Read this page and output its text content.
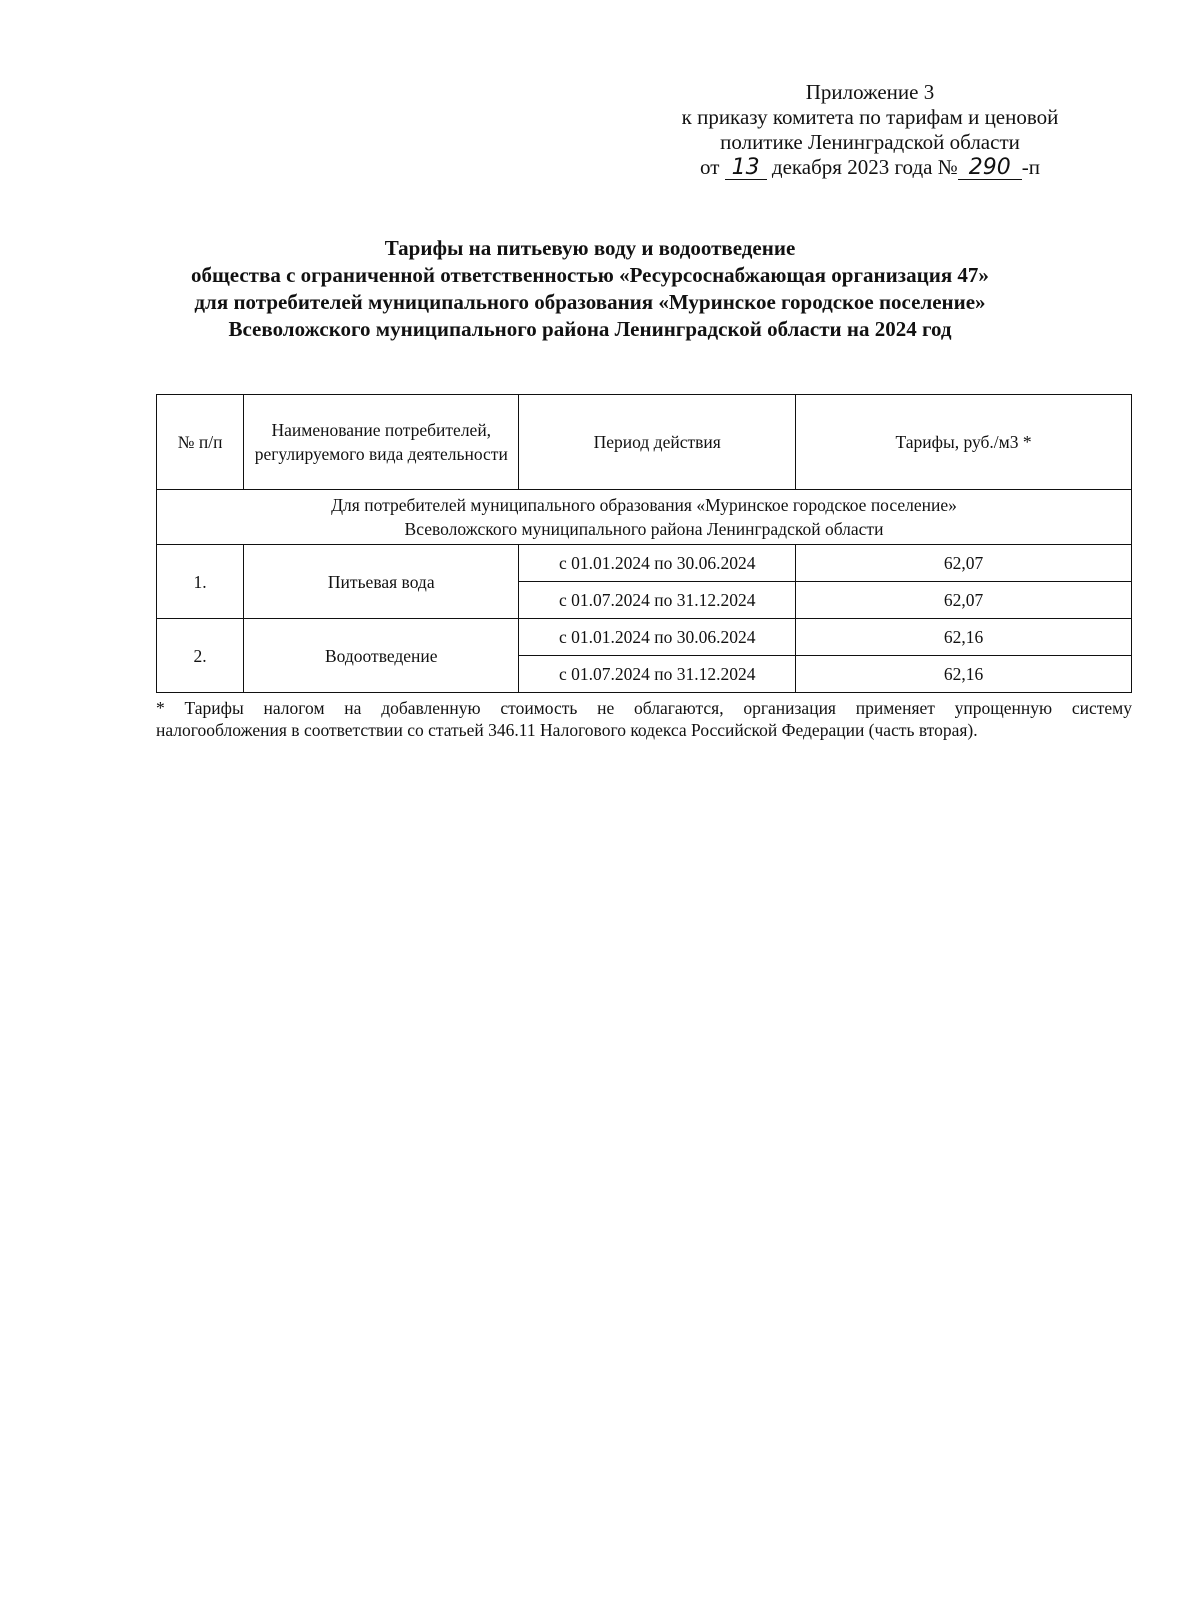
Приложение 3
к приказу комитета по тарифам и ценовой
политике Ленинградской области
от 13 декабря 2023 года № 290 -п
Тарифы на питьевую воду и водоотведение
общества с ограниченной ответственностью «Ресурсоснабжающая организация 47»
для потребителей муниципального образования «Муринское городское поселение»
Всеволожского муниципального района Ленинградской области на 2024 год
№ п/п	Наименование потребителей, регулируемого вида деятельности	Период действия	Тарифы, руб./м3 *
Для потребителей муниципального образования «Муринское городское поселение»
Всеволожского муниципального района Ленинградской области			
1.	Питьевая вода	с 01.01.2024 по 30.06.2024	62,07
		с 01.07.2024 по 31.12.2024	62,07
2.	Водоотведение	с 01.01.2024 по 30.06.2024	62,16
		с 01.07.2024 по 31.12.2024	62,16
* Тарифы налогом на добавленную стоимость не облагаются, организация применяет упрощенную систему
налогообложения в соответствии со статьей 346.11 Налогового кодекса Российской Федерации (часть вторая).
